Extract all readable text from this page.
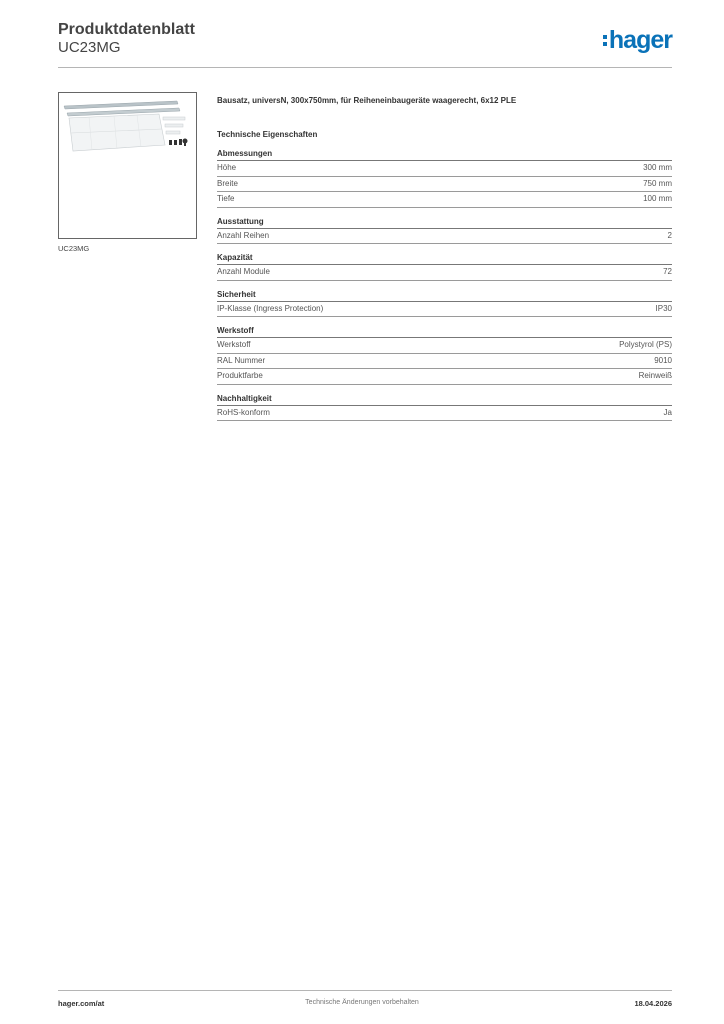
Produktdatenblatt
UC23MG	hager
UC23MG
Bausatz, universN, 300x750mm, für Reiheneinbaugeräte waagerecht, 6x12 PLE
Technische Eigenschaften
Abmessungen
Höhe	300 mm
Breite	750 mm
Tiefe	100 mm
Ausstattung
Anzahl Reihen	2
Kapazität
Anzahl Module	72
Sicherheit
IP-Klasse (Ingress Protection)	IP30
Werkstoff
Werkstoff	Polystyrol (PS)
RAL Nummer	9010
Produktfarbe	Reinweiß
Nachhaltigkeit
RoHS-konform	Ja
hager.com/at	Technische Änderungen vorbehalten	18.04.2026
